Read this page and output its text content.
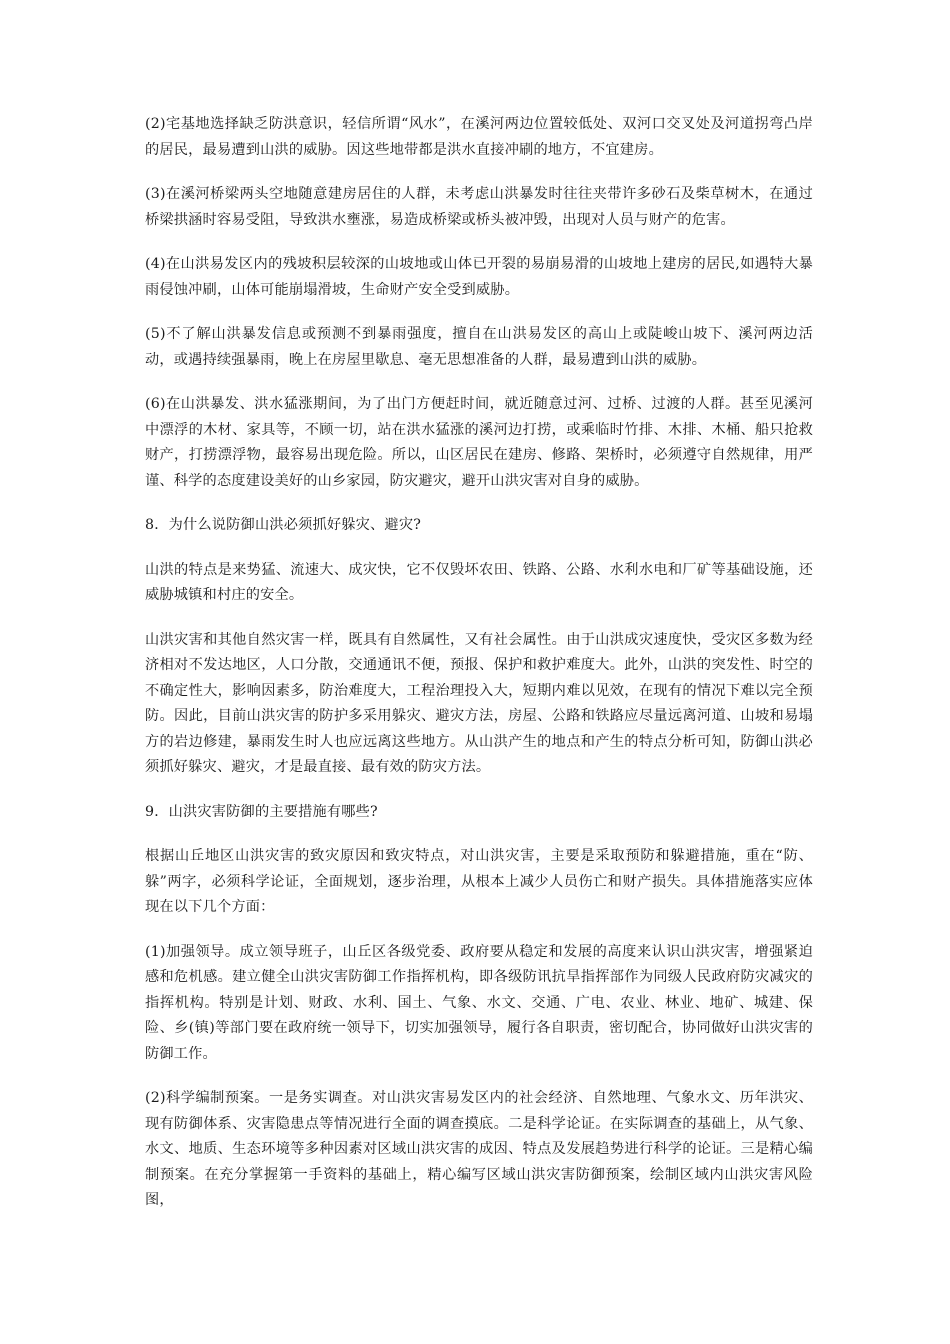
(2)宅基地选择缺乏防洪意识，轻信所谓“风水”，在溪河两边位置较低处、双河口交叉处及河道拐弯凸岸的居民，最易遭到山洪的威胁。因这些地带都是洪水直接冲刷的地方，不宜建房。

(3)在溪河桥梁两头空地随意建房居住的人群，未考虑山洪暴发时往往夹带许多砂石及柴草树木，在通过桥梁拱涵时容易受阻，导致洪水壅涨，易造成桥梁或桥头被冲毁，出现对人员与财产的危害。

(4)在山洪易发区内的残坡积层较深的山坡地或山体已开裂的易崩易滑的山坡地上建房的居民,如遇特大暴雨侵蚀冲刷，山体可能崩塌滑坡，生命财产安全受到威胁。

(5)不了解山洪暴发信息或预测不到暴雨强度，擅自在山洪易发区的高山上或陡峻山坡下、溪河两边活动，或遇持续强暴雨，晚上在房屋里歇息、毫无思想准备的人群，最易遭到山洪的威胁。

(6)在山洪暴发、洪水猛涨期间，为了出门方便赶时间，就近随意过河、过桥、过渡的人群。甚至见溪河中漂浮的木材、家具等，不顾一切，站在洪水猛涨的溪河边打捞，或乘临时竹排、木排、木桶、船只抢救财产，打捞漂浮物，最容易出现危险。所以，山区居民在建房、修路、架桥时，必须遵守自然规律，用严谨、科学的态度建设美好的山乡家园，防灾避灾，避开山洪灾害对自身的威胁。

8．为什么说防御山洪必须抓好躲灾、避灾?

山洪的特点是来势猛、流速大、成灾快，它不仅毁坏农田、铁路、公路、水利水电和厂矿等基础设施，还威胁城镇和村庄的安全。

山洪灾害和其他自然灾害一样，既具有自然属性，又有社会属性。由于山洪成灾速度快，受灾区多数为经济相对不发达地区，人口分散，交通通讯不便，预报、保护和救护难度大。此外，山洪的突发性、时空的不确定性大，影响因素多，防治难度大，工程治理投入大，短期内难以见效，在现有的情况下难以完全预防。因此，目前山洪灾害的防护多采用躲灾、避灾方法，房屋、公路和铁路应尽量远离河道、山坡和易塌方的岩边修建，暴雨发生时人也应远离这些地方。从山洪产生的地点和产生的特点分析可知，防御山洪必须抓好躲灾、避灾，才是最直接、最有效的防灾方法。

9．山洪灾害防御的主要措施有哪些?

根据山丘地区山洪灾害的致灾原因和致灾特点，对山洪灾害，主要是采取预防和躲避措施，重在“防、躲”两字，必须科学论证，全面规划，逐步治理，从根本上减少人员伤亡和财产损失。具体措施落实应体现在以下几个方面：

(1)加强领导。成立领导班子，山丘区各级党委、政府要从稳定和发展的高度来认识山洪灾害，增强紧迫感和危机感。建立健全山洪灾害防御工作指挥机构，即各级防讯抗旱指挥部作为同级人民政府防灾减灾的指挥机构。特别是计划、财政、水利、国土、气象、水文、交通、广电、农业、林业、地矿、城建、保险、乡(镇)等部门要在政府统一领导下，切实加强领导，履行各自职责，密切配合，协同做好山洪灾害的防御工作。

(2)科学编制预案。一是务实调查。对山洪灾害易发区内的社会经济、自然地理、气象水文、历年洪灾、现有防御体系、灾害隐患点等情况进行全面的调查摸底。二是科学论证。在实际调查的基础上，从气象、水文、地质、生态环境等多种因素对区域山洪灾害的成因、特点及发展趋势进行科学的论证。三是精心编制预案。在充分掌握第一手资料的基础上，精心编写区域山洪灾害防御预案，绘制区域内山洪灾害风险图，
